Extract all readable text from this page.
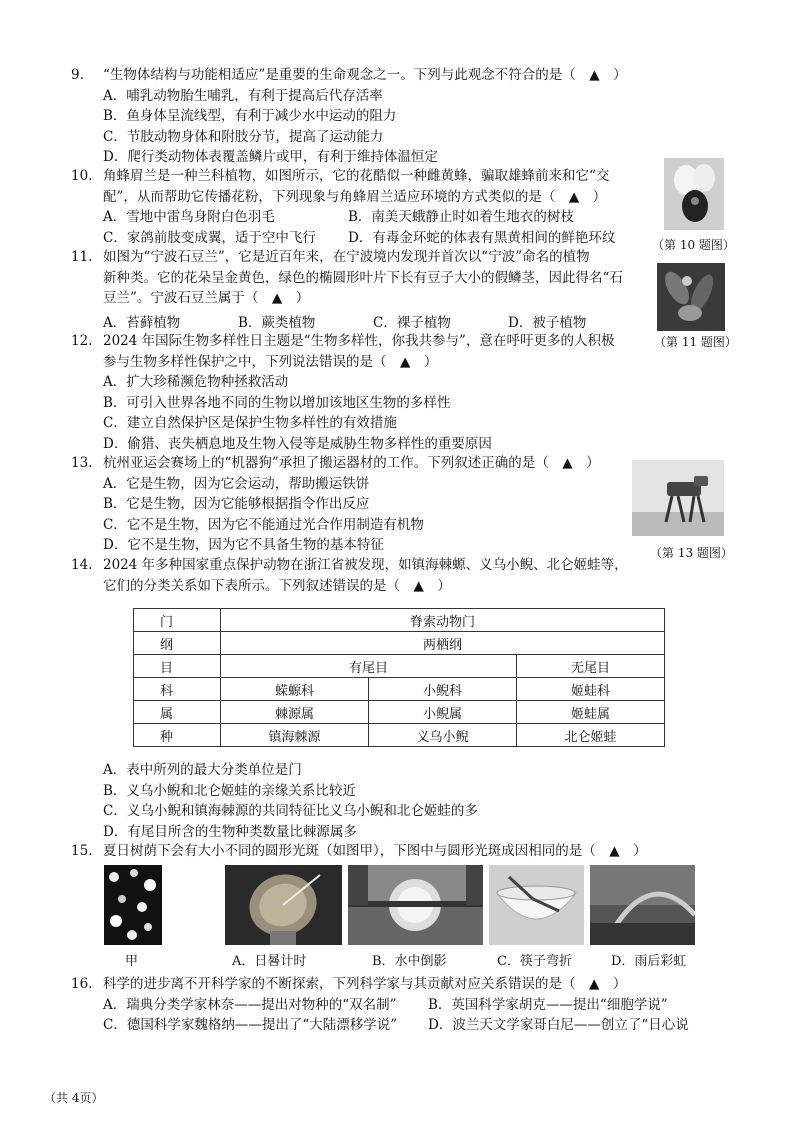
9.	“生物体结构与功能相适应”是重要的生命观念之一。下列与此观念不符合的是（　▲　）

A．哺乳动物胎生哺乳，有利于提高后代存活率
B．鱼身体呈流线型，有利于减少水中运动的阻力
C．节肢动物身体和附肢分节，提高了运动能力
D．爬行类动物体表覆盖鳞片或甲，有利于维持体温恒定
10. 角蜂眉兰是一种兰科植物，如图所示，它的花酷似一种雌黄蜂，骗取雄蜂前来和它“交

配”，从而帮助它传播花粉，下列现象与角蜂眉兰适应环境的方式类似的是（　▲　）

A．雪地中雷鸟身附白色羽毛	B．南美天蛾静止时如着生地衣的树枝
C．家鸽前肢变成翼，适于空中飞行	D．有毒金环蛇的体表有黑黄相间的鲜艳环纹	（第 10 题图）
11. 如图为“宁波石豆兰”，它是近百年来，在宁波境内发现并首次以“宁波”命名的植物

新种类。它的花朵呈金黄色，绿色的椭圆形叶片下长有豆子大小的假鳞茎，因此得名“石

豆兰”。宁波石豆兰属于（　▲　）

A．苔藓植物	B．蕨类植物	C．裸子植物	D．被子植物
（第 11 题图）
12. 2024 年国际生物多样性日主题是“生物多样性，你我共参与”，意在呼吁更多的人积极

参与生物多样性保护之中，下列说法错误的是（　▲　）

A．扩大珍稀濒危物种拯救活动
B．可引入世界各地不同的生物以增加该地区生物的多样性
C．建立自然保护区是保护生物多样性的有效措施
D．偷猎、丧失栖息地及生物入侵等是威胁生物多样性的重要原因
13. 杭州亚运会赛场上的“机器狗”承担了搬运器材的工作。下列叙述正确的是（　▲　）

A．它是生物，因为它会运动，帮助搬运铁饼
B．它是生物，因为它能够根据指令作出反应
C．它不是生物，因为它不能通过光合作用制造有机物
D．它不是生物，因为它不具备生物的基本特征	（第 13 题图）
14. 2024 年多种国家重点保护动物在浙江省被发现，如镇海棘螈、义乌小鲵、北仑姬蛙等，

它们的分类关系如下表所示。下列叙述错误的是（　▲　）

门	脊索动物门		
纲	两栖纲		
目	有尾目		无尾目
科	蝾螈科	小鲵科	姬蛙科
属	棘源属	小鲵属	姬蛙属
种	镇海棘源	义乌小鲵	北仑姬蛙
A．表中所列的最大分类单位是门
B．义乌小鲵和北仑姬蛙的亲缘关系比较近
C．义乌小鲵和镇海棘源的共同特征比义乌小鲵和北仑姬蛙的多
D．有尾目所含的生物种类数量比棘源属多
15. 夏日树荫下会有大小不同的圆形光斑（如图甲），下图中与圆形光斑成因相同的是（　▲　）

甲	A．日晷计时	B．水中倒影	C．筷子弯折	D．雨后彩虹
16. 科学的进步离不开科学家的不断探索，下列科学家与其贡献对应关系错误的是（　▲　）

A．瑞典分类学家林奈——提出对物种的“双名制”	B．英国科学家胡克——提出“细胞学说”
C．德国科学家魏格纳——提出了“大陆漂移学说”	D．波兰天文学家哥白尼——创立了“日心说
（共 4页）
